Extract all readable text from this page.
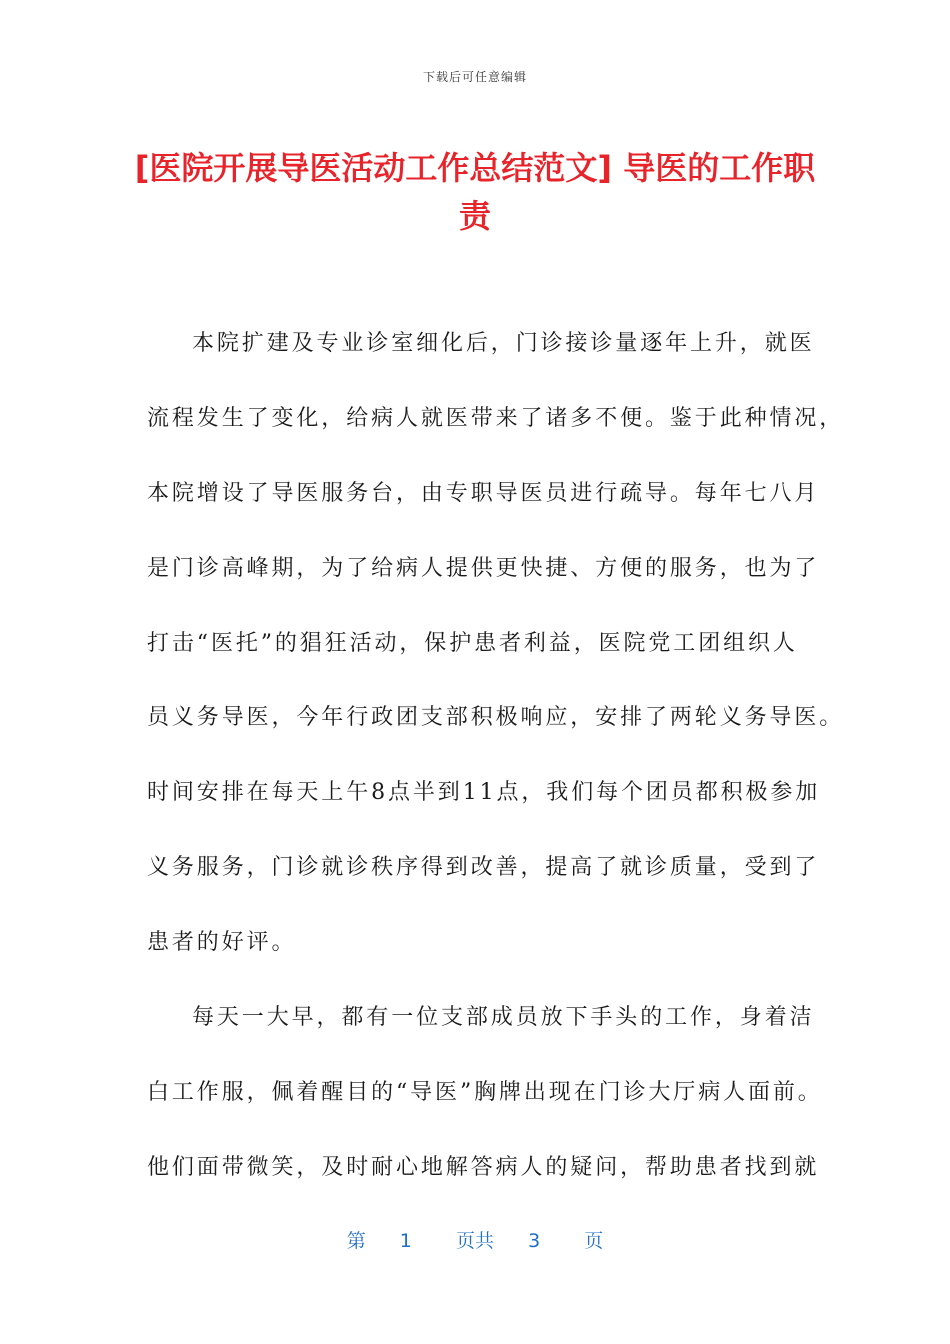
下载后可任意编辑
[医院开展导医活动工作总结范文] 导医的工作职责
本院扩建及专业诊室细化后，门诊接诊量逐年上升，就医
流程发生了变化，给病人就医带来了诸多不便。鉴于此种情况，
本院增设了导医服务台，由专职导医员进行疏导。每年七八月
是门诊高峰期，为了给病人提供更快捷、方便的服务，也为了
打击“医托”的猖狂活动，保护患者利益，医院党工团组织人
员义务导医，今年行政团支部积极响应，安排了两轮义务导医。
时间安排在每天上午8点半到11点，我们每个团员都积极参加
义务服务，门诊就诊秩序得到改善，提高了就诊质量，受到了
患者的好评。
每天一大早，都有一位支部成员放下手头的工作，身着洁
白工作服，佩着醒目的“导医”胸牌出现在门诊大厅病人面前。
他们面带微笑，及时耐心地解答病人的疑问，帮助患者找到就
第 1 页共 3 页
